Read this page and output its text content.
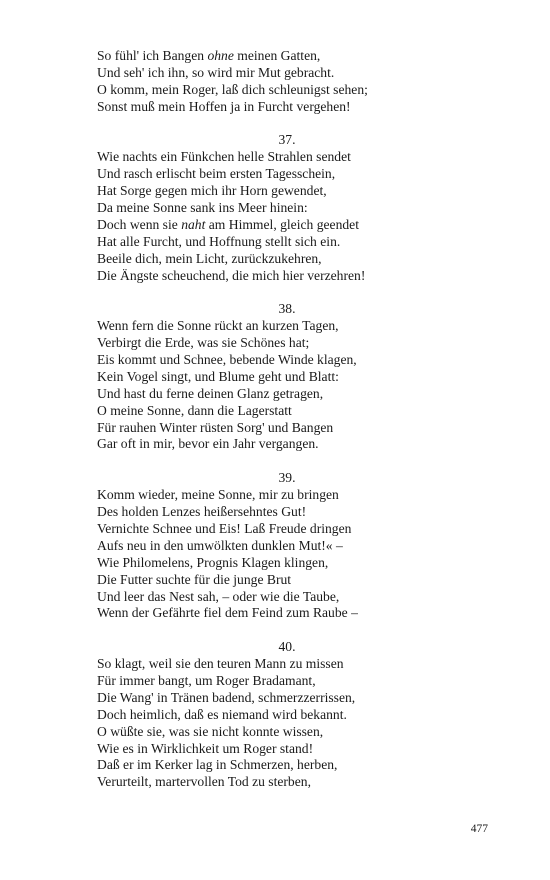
So fühl' ich Bangen ohne meinen Gatten,
Und seh' ich ihn, so wird mir Mut gebracht.
O komm, mein Roger, laß dich schleunigst sehen;
Sonst muß mein Hoffen ja in Furcht vergehen!
37.
Wie nachts ein Fünkchen helle Strahlen sendet
Und rasch erlischt beim ersten Tagesschein,
Hat Sorge gegen mich ihr Horn gewendet,
Da meine Sonne sank ins Meer hinein:
Doch wenn sie naht am Himmel, gleich geendet
Hat alle Furcht, und Hoffnung stellt sich ein.
Beeile dich, mein Licht, zurückzukehren,
Die Ängste scheuchend, die mich hier verzehren!
38.
Wenn fern die Sonne rückt an kurzen Tagen,
Verbirgt die Erde, was sie Schönes hat;
Eis kommt und Schnee, bebende Winde klagen,
Kein Vogel singt, und Blume geht und Blatt:
Und hast du ferne deinen Glanz getragen,
O meine Sonne, dann die Lagerstatt
Für rauhen Winter rüsten Sorg' und Bangen
Gar oft in mir, bevor ein Jahr vergangen.
39.
Komm wieder, meine Sonne, mir zu bringen
Des holden Lenzes heißersehntes Gut!
Vernichte Schnee und Eis! Laß Freude dringen
Aufs neu in den umwölkten dunklen Mut!« –
Wie Philomelens, Prognis Klagen klingen,
Die Futter suchte für die junge Brut
Und leer das Nest sah, – oder wie die Taube,
Wenn der Gefährte fiel dem Feind zum Raube –
40.
So klagt, weil sie den teuren Mann zu missen
Für immer bangt, um Roger Bradamant,
Die Wang' in Tränen badend, schmerzzerrissen,
Doch heimlich, daß es niemand wird bekannt.
O wüßte sie, was sie nicht konnte wissen,
Wie es in Wirklichkeit um Roger stand!
Daß er im Kerker lag in Schmerzen, herben,
Verurteilt, martervollen Tod zu sterben,
477
